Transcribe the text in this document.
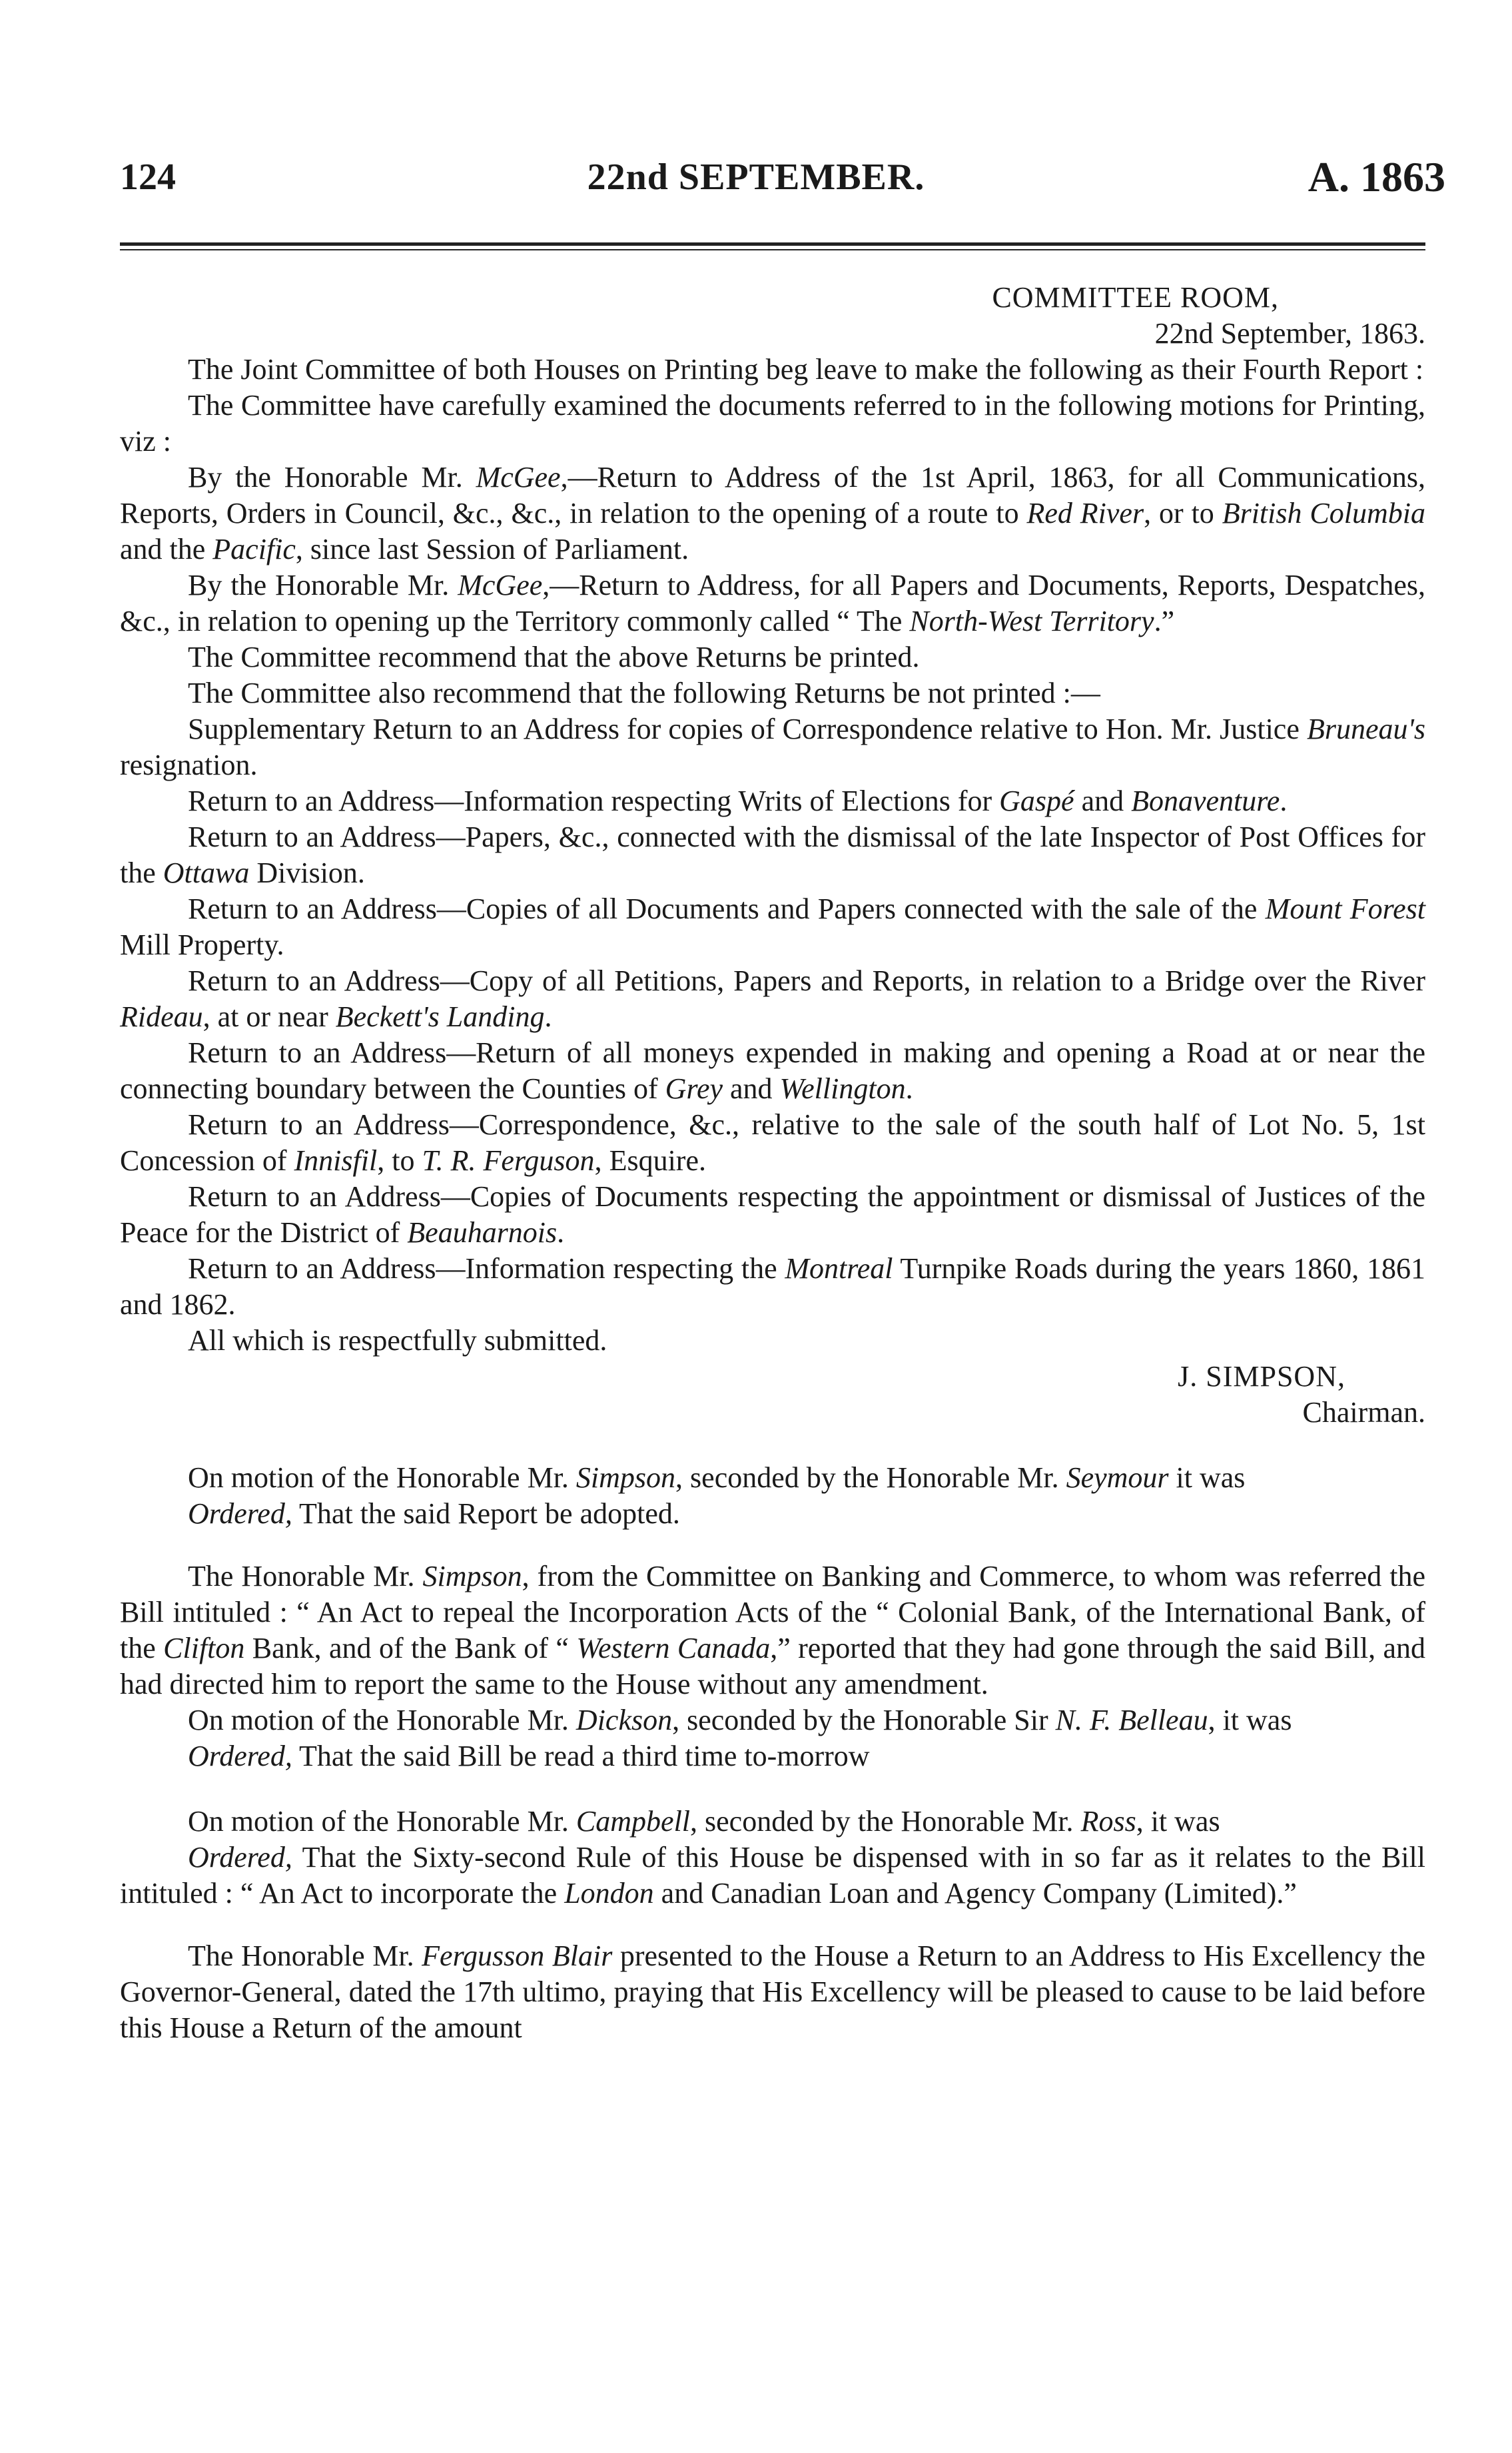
124	22nd SEPTEMBER.	A. 1863

COMMITTEE ROOM,

22nd September, 1863.

The Joint Committee of both Houses on Printing beg leave to make the following as their Fourth Report :

The Committee have carefully examined the documents referred to in the following motions for Printing, viz :

By the Honorable Mr. McGee,—Return to Address of the 1st April, 1863, for all Communications, Reports, Orders in Council, &c., &c., in relation to the opening of a route to Red River, or to British Columbia and the Pacific, since last Session of Parliament.

By the Honorable Mr. McGee,—Return to Address, for all Papers and Documents, Reports, Despatches, &c., in relation to opening up the Territory commonly called “ The North-West Territory.”

The Committee recommend that the above Returns be printed.

The Committee also recommend that the following Returns be not printed :—

Supplementary Return to an Address for copies of Correspondence relative to Hon. Mr. Justice Bruneau's resignation.

Return to an Address—Information respecting Writs of Elections for Gaspé and Bonaventure.

Return to an Address—Papers, &c., connected with the dismissal of the late Inspector of Post Offices for the Ottawa Division.

Return to an Address—Copies of all Documents and Papers connected with the sale of the Mount Forest Mill Property.

Return to an Address—Copy of all Petitions, Papers and Reports, in relation to a Bridge over the River Rideau, at or near Beckett's Landing.

Return to an Address—Return of all moneys expended in making and opening a Road at or near the connecting boundary between the Counties of Grey and Wellington.

Return to an Address—Correspondence, &c., relative to the sale of the south half of Lot No. 5, 1st Concession of Innisfil, to T. R. Ferguson, Esquire.

Return to an Address—Copies of Documents respecting the appointment or dismissal of Justices of the Peace for the District of Beauharnois.

Return to an Address—Information respecting the Montreal Turnpike Roads during the years 1860, 1861 and 1862.

All which is respectfully submitted.

J. SIMPSON,

Chairman.

On motion of the Honorable Mr. Simpson, seconded by the Honorable Mr. Seymour it was

Ordered, That the said Report be adopted.

The Honorable Mr. Simpson, from the Committee on Banking and Commerce, to whom was referred the Bill intituled : “ An Act to repeal the Incorporation Acts of the “ Colonial Bank, of the International Bank, of the Clifton Bank, and of the Bank of “ Western Canada,” reported that they had gone through the said Bill, and had directed him to report the same to the House without any amendment.

On motion of the Honorable Mr. Dickson, seconded by the Honorable Sir N. F. Belleau, it was

Ordered, That the said Bill be read a third time to-morrow

On motion of the Honorable Mr. Campbell, seconded by the Honorable Mr. Ross, it was

Ordered, That the Sixty-second Rule of this House be dispensed with in so far as it relates to the Bill intituled : “ An Act to incorporate the London and Canadian Loan and Agency Company (Limited).”

The Honorable Mr. Fergusson Blair presented to the House a Return to an Address to His Excellency the Governor-General, dated the 17th ultimo, praying that His Excellency will be pleased to cause to be laid before this House a Return of the amount
